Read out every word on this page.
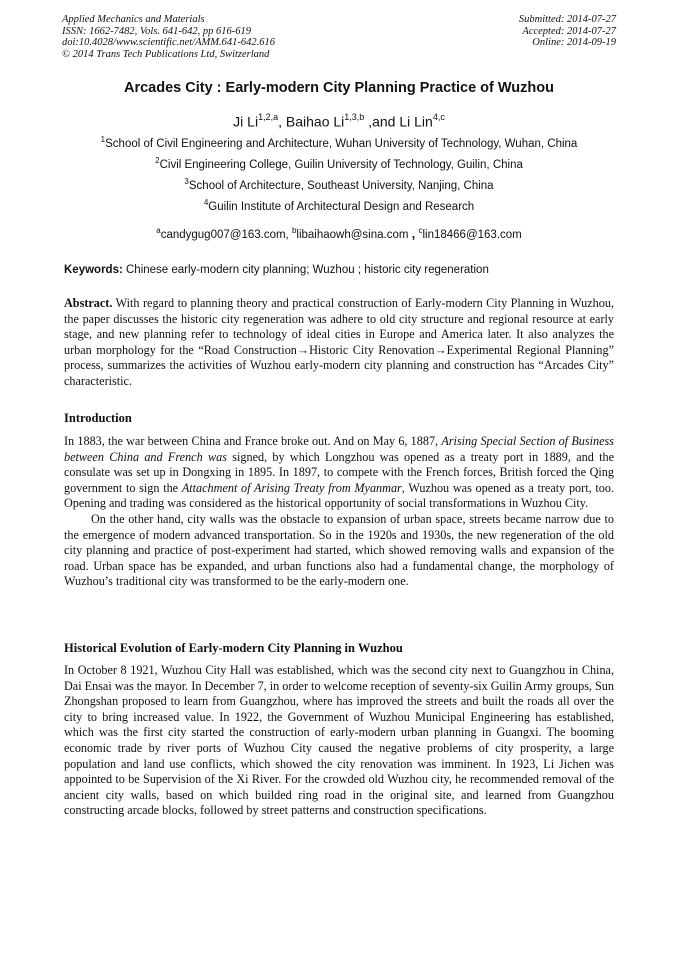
Applied Mechanics and Materials
ISSN: 1662-7482, Vols. 641-642, pp 616-619
doi:10.4028/www.scientific.net/AMM.641-642.616
© 2014 Trans Tech Publications Ltd, Switzerland
Submitted: 2014-07-27
Accepted: 2014-07-27
Online: 2014-09-19
Arcades City : Early-modern City Planning Practice of Wuzhou
Ji Li$^{1,2,a}$, Baihao Li$^{1,3,b}$ ,and Li Lin$^{4,c}$
$^1$School of Civil Engineering and Architecture, Wuhan University of Technology, Wuhan, China
$^2$Civil Engineering College, Guilin University of Technology, Guilin, China
$^3$School of Architecture, Southeast University, Nanjing, China
$^4$Guilin Institute of Architectural Design and Research
$^a$candygug007@163.com, $^b$libaihaowh@sina.com , $^c$lin18466@163.com
Keywords: Chinese early-modern city planning; Wuzhou ; historic city regeneration

Abstract. With regard to planning theory and practical construction of Early-modern City Planning in Wuzhou, the paper discusses the historic city regeneration was adhere to old city structure and regional resource at early stage, and new planning refer to technology of ideal cities in Europe and America later. It also analyzes the urban morphology for the “Road Construction→Historic City Renovation→Experimental Regional Planning” process, summarizes the activities of Wuzhou early-modern city planning and construction has “Arcades City” characteristic.

Introduction

In 1883, the war between China and France broke out. And on May 6, 1887, Arising Special Section of Business between China and French was signed, by which Longzhou was opened as a treaty port in 1889, and the consulate was set up in Dongxing in 1895. In 1897, to compete with the French forces, British forced the Qing government to sign the Attachment of Arising Treaty from Myanmar, Wuzhou was opened as a treaty port, too. Opening and trading was considered as the historical opportunity of social transformations in Wuzhou City.

On the other hand, city walls was the obstacle to expansion of urban space, streets became narrow due to the emergence of modern advanced transportation. So in the 1920s and 1930s, the new regeneration of the old city planning and practice of post-experiment had started, which showed removing walls and expansion of the road. Urban space has be expanded, and urban functions also had a fundamental change, the morphology of Wuzhou’s traditional city was transformed to be the early-modern one.

Historical Evolution of Early-modern City Planning in Wuzhou

In October 8 1921, Wuzhou City Hall was established, which was the second city next to Guangzhou in China, Dai Ensai was the mayor. In December 7, in order to welcome reception of seventy-six Guilin Army groups, Sun Zhongshan proposed to learn from Guangzhou, where has improved the streets and built the roads all over the city to bring increased value. In 1922, the Government of Wuzhou Municipal Engineering has established, which was the first city started the construction of early-modern urban planning in Guangxi. The booming economic trade by river ports of Wuzhou City caused the negative problems of city prosperity, a large population and land use conflicts, which showed the city renovation was imminent. In 1923, Li Jichen was appointed to be Supervision of the Xi River. For the crowded old Wuzhou city, he recommended removal of the ancient city walls, based on which builded ring road in the original site, and learned from Guangzhou constructing arcade blocks, followed by street patterns and construction specifications.
